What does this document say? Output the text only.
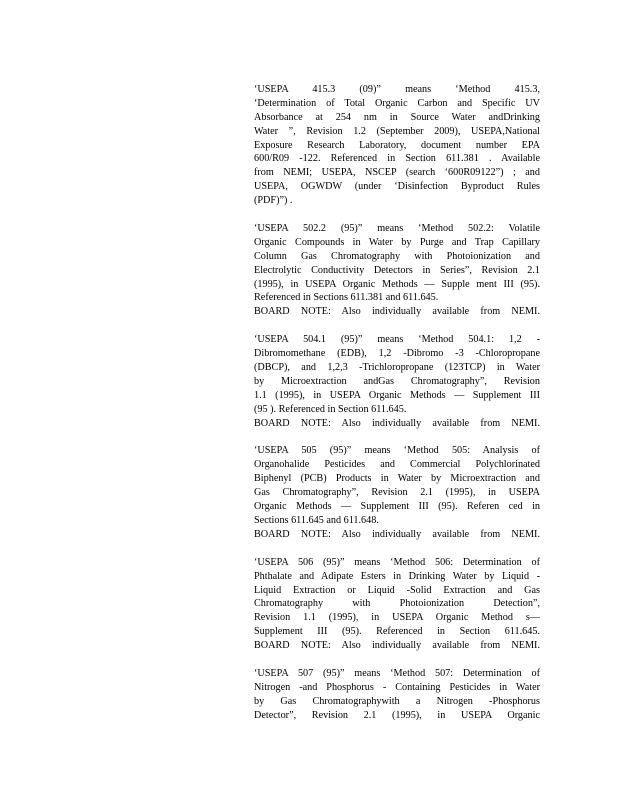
‘USEPA 415.3 (09)” means ‘Method 415.3,
‘Determination of Total Organic Carbon and Specific UV
Absorbance at 254 nm in Source Water andDrinking
Water ”, Revision 1.2 (September 2009), USEPA,National
Exposure Research Laboratory, document number EPA
600/R09 -122. Referenced in Section 611.381 . Available
from NEMI; USEPA, NSCEP (search ‘600R09122”) ; and
USEPA, OGWDW (under ‘Disinfection Byproduct Rules
(PDF)”) .
‘USEPA 502.2 (95)” means ‘Method 502.2: Volatile
Organic Compounds in Water by Purge and Trap Capillary
Column Gas Chromatography with Photoionization and
Electrolytic Conductivity Detectors in Series”, Revision 2.1
(1995), in USEPA Organic Methods — Supple ment III (95).
Referenced in Sections 611.381 and 611.645.
BOARD NOTE: Also individually available from NEMI.
‘USEPA 504.1 (95)” means ‘Method 504.1: 1,2 -
Dibromomethane (EDB), 1,2 -Dibromo -3 -Chloropropane
(DBCP), and 1,2,3 -Trichloropropane (123TCP) in Water
by Microextraction andGas Chromatography”, Revision
1.1 (1995), in USEPA Organic Methods — Supplement III
(95 ). Referenced in Section 611.645.
BOARD NOTE: Also individually available from NEMI.
‘USEPA 505 (95)” means ‘Method 505: Analysis of
Organohalide Pesticides and Commercial Polychlorinated
Biphenyl (PCB) Products in Water by Microextraction and
Gas Chromatography”, Revision 2.1 (1995), in USEPA
Organic Methods — Supplement III (95). Referen ced in
Sections 611.645 and 611.648.
BOARD NOTE: Also individually available from NEMI.
‘USEPA 506 (95)” means ‘Method 506: Determination of
Phthalate and Adipate Esters in Drinking Water by Liquid -
Liquid Extraction or Liquid -Solid Extraction and Gas
Chromatography with Photoionization Detection”,
Revision 1.1 (1995), in USEPA Organic Method s—
Supplement III (95). Referenced in Section 611.645.
BOARD NOTE: Also individually available from NEMI.
‘USEPA 507 (95)” means ‘Method 507: Determination of
Nitrogen -and Phosphorus - Containing Pesticides in Water
by Gas Chromatographywith a Nitrogen -Phosphorus
Detector”, Revision 2.1 (1995), in USEPA Organic
